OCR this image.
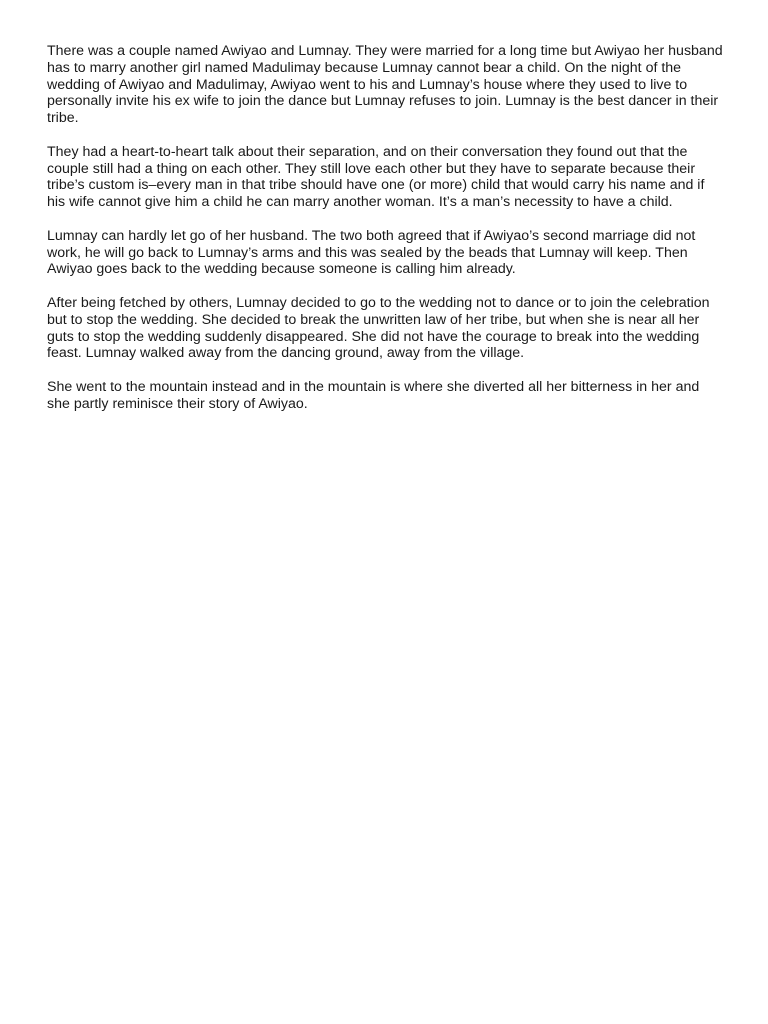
There was a couple named Awiyao and Lumnay. They were married for a long time but Awiyao her husband has to marry another girl named Madulimay because Lumnay cannot bear a child. On the night of the wedding of Awiyao and Madulimay, Awiyao went to his and Lumnay’s house where they used to live to personally invite his ex wife to join the dance but Lumnay refuses to join. Lumnay is the best dancer in their tribe.

They had a heart-to-heart talk about their separation, and on their conversation they found out that the couple still had a thing on each other. They still love each other but they have to separate because their tribe’s custom is–every man in that tribe should have one (or more) child that would carry his name and if his wife cannot give him a child he can marry another woman. It’s a man’s necessity to have a child.

Lumnay can hardly let go of her husband. The two both agreed that if Awiyao’s second marriage did not work, he will go back to Lumnay’s arms and this was sealed by the beads that Lumnay will keep. Then Awiyao goes back to the wedding because someone is calling him already.

After being fetched by others, Lumnay decided to go to the wedding not to dance or to join the celebration but to stop the wedding. She decided to break the unwritten law of her tribe, but when she is near all her guts to stop the wedding suddenly disappeared. She did not have the courage to break into the wedding feast. Lumnay walked away from the dancing ground, away from the village.

She went to the mountain instead and in the mountain is where she diverted all her bitterness in her and she partly reminisce their story of Awiyao.
